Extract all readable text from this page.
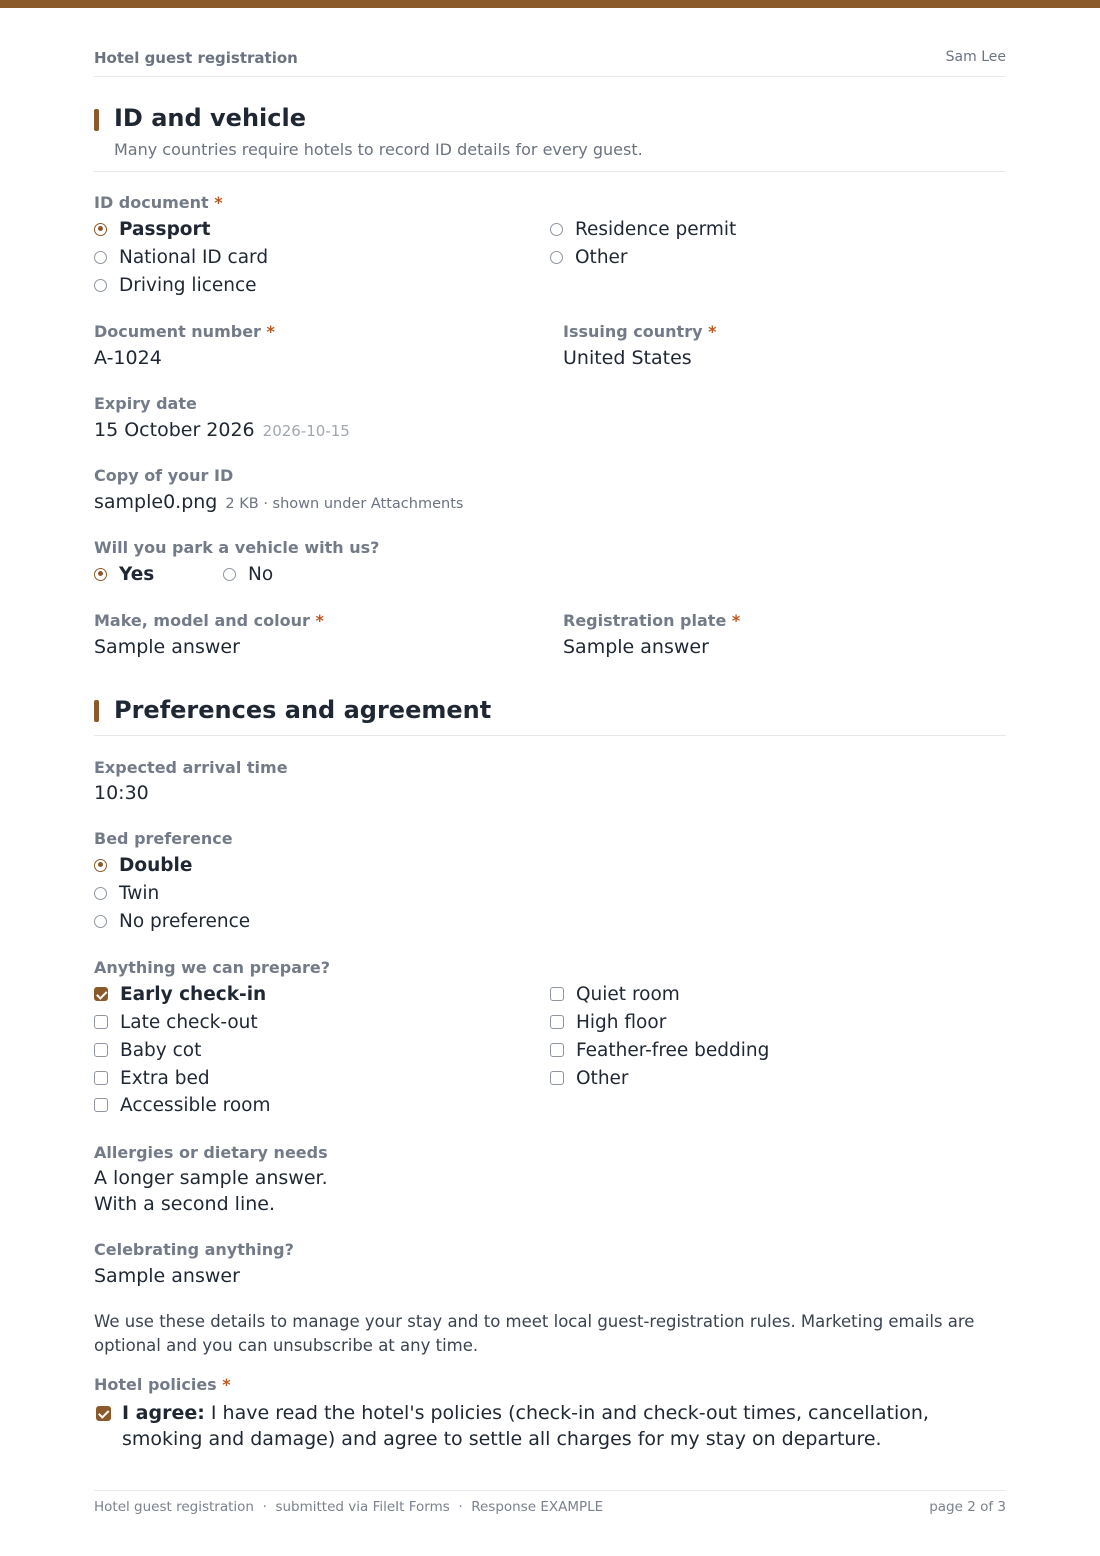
Hotel guest registration	Sam Lee
ID and vehicle
Many countries require hotels to record ID details for every guest.
ID document *
Passport
National ID card
Driving licence
Residence permit
Other
Document number *
A-1024
Issuing country *
United States
Expiry date
15 October 2026 2026-10-15
Copy of your ID
sample0.png 2 KB · shown under Attachments
Will you park a vehicle with us?
Yes	No
Make, model and colour *
Sample answer
Registration plate *
Sample answer
Preferences and agreement
Expected arrival time
10:30
Bed preference
Double
Twin
No preference
Anything we can prepare?
Early check-in
Late check-out
Baby cot
Extra bed
Accessible room
Quiet room
High floor
Feather-free bedding
Other
Allergies or dietary needs
A longer sample answer.
With a second line.
Celebrating anything?
Sample answer
We use these details to manage your stay and to meet local guest-registration rules. Marketing emails are optional and you can unsubscribe at any time.
Hotel policies *
I agree: I have read the hotel's policies (check-in and check-out times, cancellation, smoking and damage) and agree to settle all charges for my stay on departure.
Hotel guest registration  ·  submitted via FileIt Forms  ·  Response EXAMPLE	page 2 of 3
